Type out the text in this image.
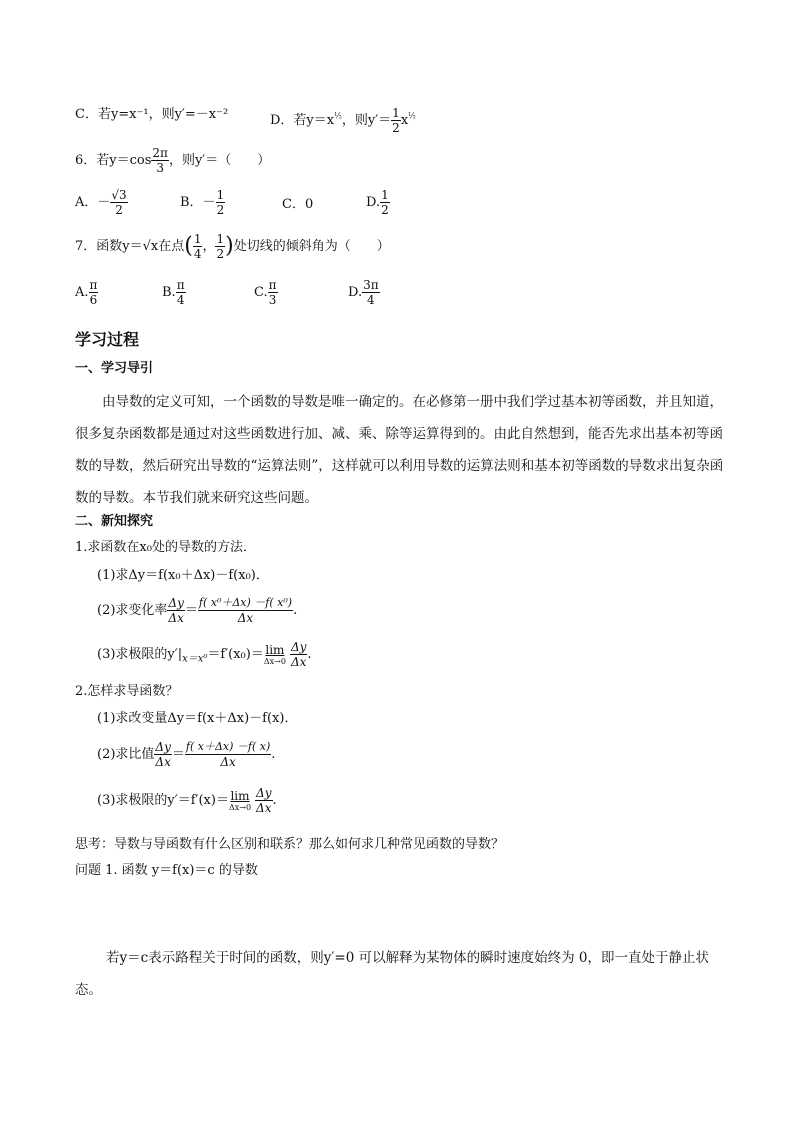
C．若y=x⁻¹，则y′=－x⁻²	D．若$y=x^{\frac{1}{2}}$，则$y'= \frac{1}{2} x^{\frac{1}{2}}$
6．若$y=\cos \frac{2\pi}{3}$ ，则y′＝（　　）
A．－ $\frac{√3}{2}$	B．－ $\frac{1}{2}$	C．0	D. $\frac{1}{2}$
7．函数y＝√x在点( $\frac{1}{4}$ ， $\frac{1}{2}$ )处切线的倾斜角为（　　）
A. $\frac{\pi}{6}$	B. $\frac{\pi}{4}$	C. $\frac{\pi}{3}$	D. $\frac{3\pi}{4}$
学习过程
一、学习导引
由导数的定义可知，一个函数的导数是唯一确定的。在必修第一册中我们学过基本初等函数，并且知道，很多复杂函数都是通过对这些函数进行加、减、乘、除等运算得到的。由此自然想到，能否先求出基本初等函数的导数，然后研究出导数的“运算法则”，这样就可以利用导数的运算法则和基本初等函数的导数求出复杂函数的导数。本节我们就来研究这些问题。
二、新知探究
1.求函数在x₀处的导数的方法．
(1)求Δy＝f(x₀＋Δx)－f(x₀)．
(2)求变化率 $\frac{\Delta y}{\Delta x} = \frac{\text{f( x⁰＋Δx) －f( x⁰)}}{\Delta x}$ .
(3)求极限的$y'|_{x=x^0}=f'(x_0)= \lim$
$\Delta x\to 0 \frac{\Delta y}{\Delta x}$ .
2.怎样求导函数？
(1)求改变量Δy＝f(x＋Δx)－f(x)．
(2)求比值 $\frac{\Delta y}{\Delta x} = \frac{f( x+\Delta x) -f( x)}{\Delta x}$ .
(3)求极限的y′＝f′(x)＝ lim
$\Delta x\to 0 \frac{\Delta y}{\Delta x}$ .
思考：导数与导函数有什么区别和联系？那么如何求几种常见函数的导数？
问题 1. 函数 y＝f(x)＝c 的导数
若y＝c表示路程关于时间的函数，则y′=0 可以解释为某物体的瞬时速度始终为 0，即一直处于静止状态。
